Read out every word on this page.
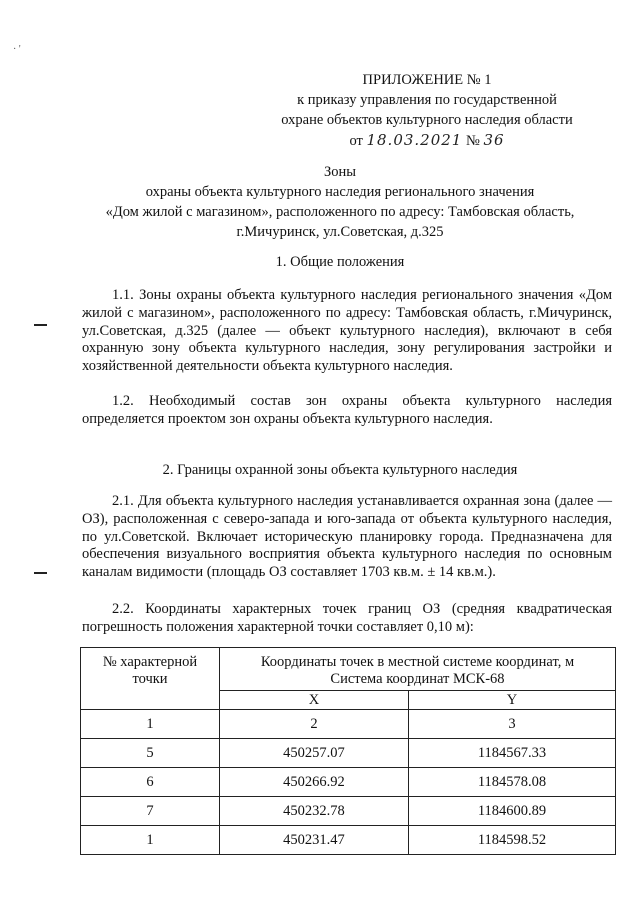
· '
ПРИЛОЖЕНИЕ № 1
к приказу управления по государственной
охране объектов культурного наследия области
от 18.03.2021 № 36
Зоны
охраны объекта культурного наследия регионального значения
«Дом жилой с магазином», расположенного по адресу: Тамбовская область,
г.Мичуринск, ул.Советская, д.325
1. Общие положения
1.1. Зоны охраны объекта культурного наследия регионального значения «Дом жилой с магазином», расположенного по адресу: Тамбовская область, г.Мичуринск, ул.Советская, д.325 (далее — объект культурного наследия), включают в себя охранную зону объекта культурного наследия, зону регулирования застройки и хозяйственной деятельности объекта культурного наследия.
1.2. Необходимый состав зон охраны объекта культурного наследия определяется проектом зон охраны объекта культурного наследия.
2. Границы охранной зоны объекта культурного наследия
2.1. Для объекта культурного наследия устанавливается охранная зона (далее — ОЗ), расположенная с северо-запада и юго-запада от объекта культурного наследия, по ул.Советской. Включает историческую планировку города. Предназначена для обеспечения визуального восприятия объекта культурного наследия по основным каналам видимости (площадь ОЗ составляет 1703 кв.м. ± 14 кв.м.).
2.2. Координаты характерных точек границ ОЗ (средняя квадратическая погрешность положения характерной точки составляет 0,10 м):
№ характерной точки	Координаты точек в местной системе координат, м
Система координат МСК-68	

	X	Y
1	2	3
5	450257.07	1184567.33
6	450266.92	1184578.08
7	450232.78	1184600.89
1	450231.47	1184598.52
